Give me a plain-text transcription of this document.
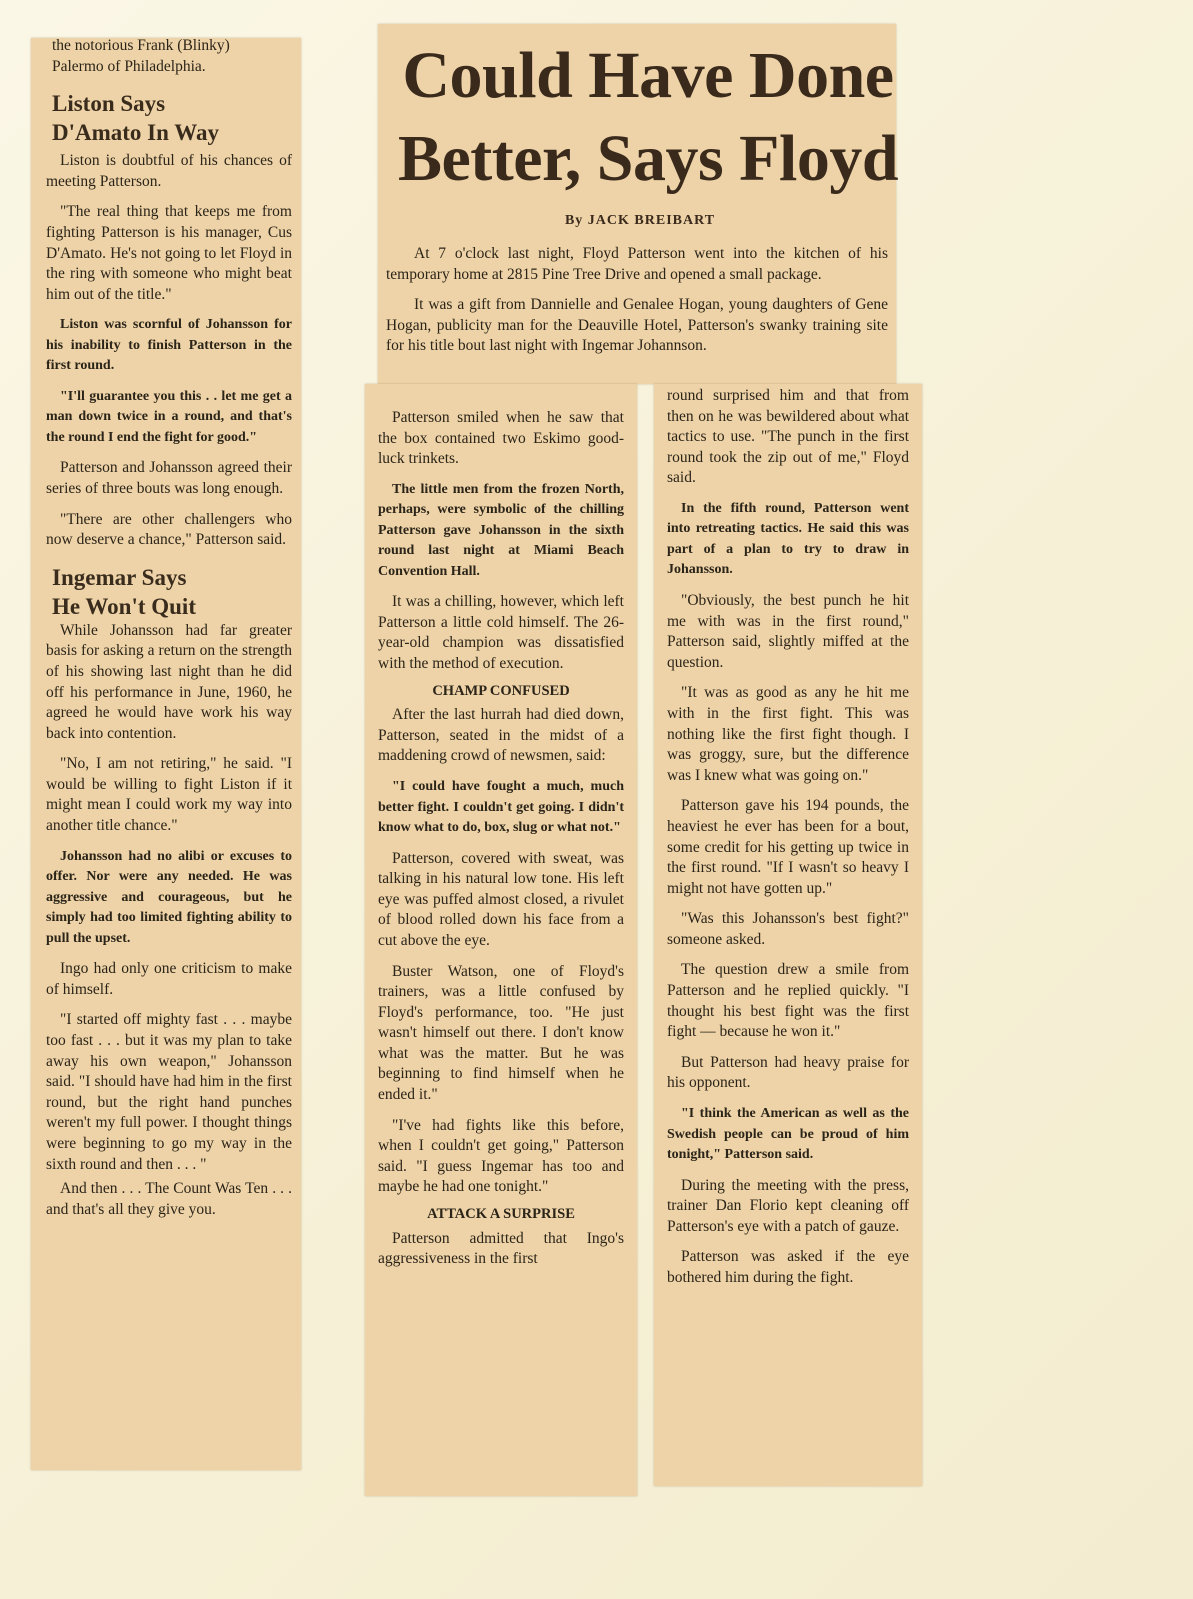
the notorious Frank (Blinky)

Palermo of Philadelphia.

Liston Says
D'Amato In Way

Liston is doubtful of his chances of meeting Patterson.

"The real thing that keeps me from fighting Patterson is his manager, Cus D'Amato. He's not going to let Floyd in the ring with someone who might beat him out of the title."

Liston was scornful of Johansson for his inability to finish Patterson in the first round.

"I'll guarantee you this . . let me get a man down twice in a round, and that's the round I end the fight for good."

Patterson and Johansson agreed their series of three bouts was long enough.

"There are other challengers who now deserve a chance," Patterson said.

Ingemar Says
He Won't Quit

While Johansson had far greater basis for asking a return on the strength of his showing last night than he did off his performance in June, 1960, he agreed he would have work his way back into contention.

"No, I am not retiring," he said. "I would be willing to fight Liston if it might mean I could work my way into another title chance."

Johansson had no alibi or excuses to offer. Nor were any needed. He was aggressive and courageous, but he simply had too limited fighting ability to pull the upset.

Ingo had only one criticism to make of himself.

"I started off mighty fast . . . maybe too fast . . . but it was my plan to take away his own weapon," Johansson said. "I should have had him in the first round, but the right hand punches weren't my full power. I thought things were beginning to go my way in the sixth round and then . . . "

And then . . . The Count Was Ten . . . and that's all they give you.

Could Have Done
Better, Says Floyd
By JACK BREIBART

At 7 o'clock last night, Floyd Patterson went into the kitchen of his temporary home at 2815 Pine Tree Drive and opened a small package.

It was a gift from Dannielle and Genalee Hogan, young daughters of Gene Hogan, publicity man for the Deauville Hotel, Patterson's swanky training site for his title bout last night with Ingemar Johannson.

Patterson smiled when he saw that the box contained two Eskimo good-luck trinkets.

The little men from the frozen North, perhaps, were symbolic of the chilling Patterson gave Johansson in the sixth round last night at Miami Beach Convention Hall.

It was a chilling, however, which left Patterson a little cold himself. The 26-year-old champion was dissatisfied with the method of execution.

CHAMP CONFUSED

After the last hurrah had died down, Patterson, seated in the midst of a maddening crowd of newsmen, said:

"I could have fought a much, much better fight. I couldn't get going. I didn't know what to do, box, slug or what not."

Patterson, covered with sweat, was talking in his natural low tone. His left eye was puffed almost closed, a rivulet of blood rolled down his face from a cut above the eye.

Buster Watson, one of Floyd's trainers, was a little confused by Floyd's performance, too. "He just wasn't himself out there. I don't know what was the matter. But he was beginning to find himself when he ended it."

"I've had fights like this before, when I couldn't get going," Patterson said. "I guess Ingemar has too and maybe he had one tonight."

ATTACK A SURPRISE

Patterson admitted that Ingo's aggressiveness in the first

round surprised him and that from then on he was bewildered about what tactics to use. "The punch in the first round took the zip out of me," Floyd said.

In the fifth round, Patterson went into retreating tactics. He said this was part of a plan to try to draw in Johansson.

"Obviously, the best punch he hit me with was in the first round," Patterson said, slightly miffed at the question.

"It was as good as any he hit me with in the first fight. This was nothing like the first fight though. I was groggy, sure, but the difference was I knew what was going on."

Patterson gave his 194 pounds, the heaviest he ever has been for a bout, some credit for his getting up twice in the first round. "If I wasn't so heavy I might not have gotten up."

"Was this Johansson's best fight?" someone asked.

The question drew a smile from Patterson and he replied quickly. "I thought his best fight was the first fight — because he won it."

But Patterson had heavy praise for his opponent.

"I think the American as well as the Swedish people can be proud of him tonight," Patterson said.

During the meeting with the press, trainer Dan Florio kept cleaning off Patterson's eye with a patch of gauze.

Patterson was asked if the eye bothered him during the fight.
